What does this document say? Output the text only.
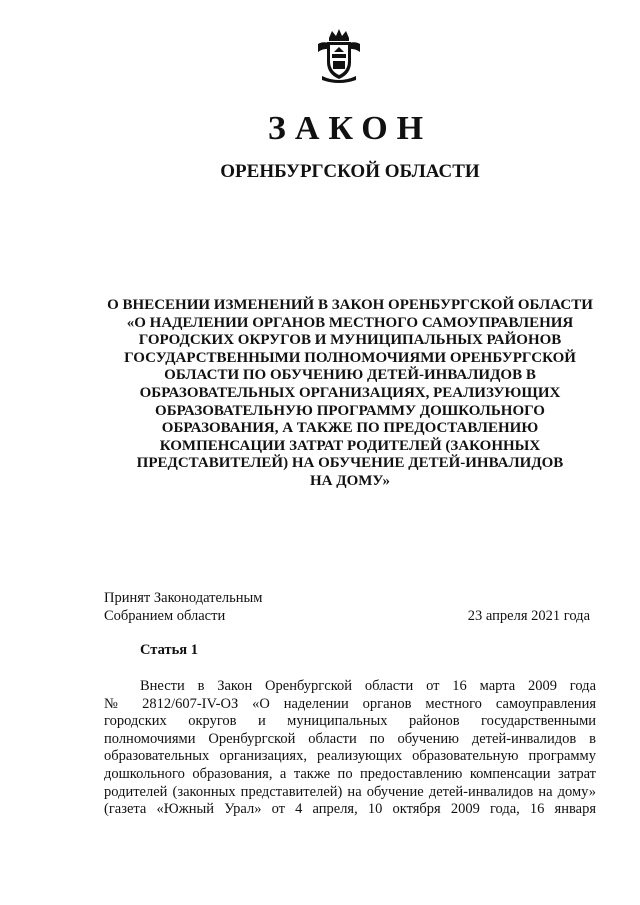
ЗАКОН
ОРЕНБУРГСКОЙ ОБЛАСТИ
О ВНЕСЕНИИ ИЗМЕНЕНИЙ В ЗАКОН ОРЕНБУРГСКОЙ ОБЛАСТИ
«О НАДЕЛЕНИИ ОРГАНОВ МЕСТНОГО САМОУПРАВЛЕНИЯ
ГОРОДСКИХ ОКРУГОВ И МУНИЦИПАЛЬНЫХ РАЙОНОВ
ГОСУДАРСТВЕННЫМИ ПОЛНОМОЧИЯМИ ОРЕНБУРГСКОЙ
ОБЛАСТИ ПО ОБУЧЕНИЮ ДЕТЕЙ-ИНВАЛИДОВ В
ОБРАЗОВАТЕЛЬНЫХ ОРГАНИЗАЦИЯХ, РЕАЛИЗУЮЩИХ
ОБРАЗОВАТЕЛЬНУЮ ПРОГРАММУ ДОШКОЛЬНОГО
ОБРАЗОВАНИЯ, А ТАКЖЕ ПО ПРЕДОСТАВЛЕНИЮ
КОМПЕНСАЦИИ ЗАТРАТ РОДИТЕЛЕЙ (ЗАКОННЫХ
ПРЕДСТАВИТЕЛЕЙ) НА ОБУЧЕНИЕ ДЕТЕЙ-ИНВАЛИДОВ
НА ДОМУ»
Принят Законодательным
Собранием области	23 апреля 2021 года
Статья 1
Внести в Закон Оренбургской области от 16 марта 2009 года
№ 2812/607-IV-ОЗ «О наделении органов местного самоуправления
городских округов и муниципальных районов государственными
полномочиями Оренбургской области по обучению детей-инвалидов в
образовательных организациях, реализующих образовательную программу
дошкольного образования, а также по предоставлению компенсации затрат
родителей (законных представителей) на обучение детей-инвалидов на дому»
(газета «Южный Урал» от 4 апреля, 10 октября 2009 года, 16 января
